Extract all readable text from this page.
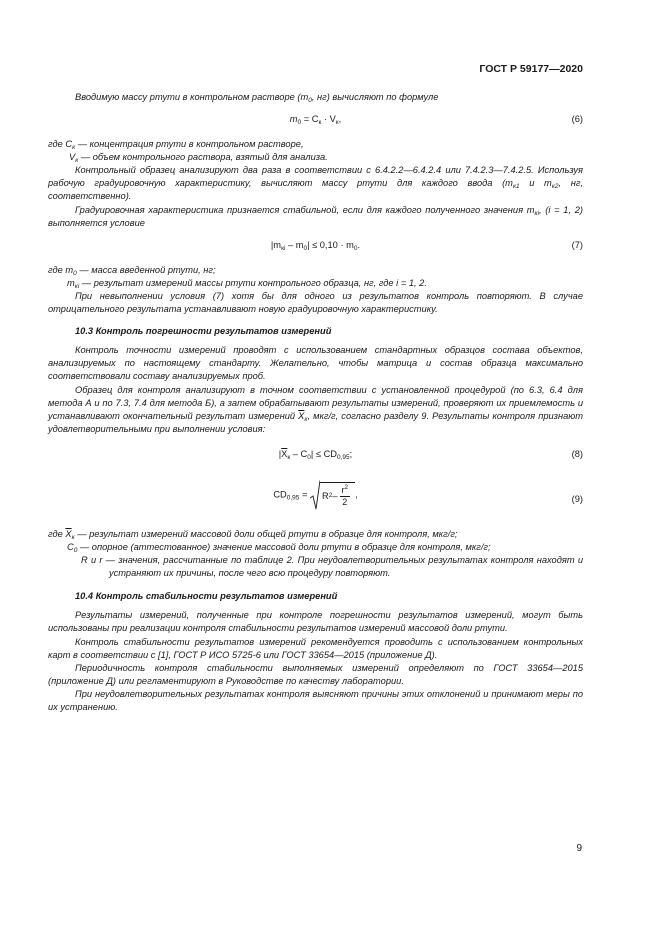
ГОСТ Р 59177—2020

Вводимую массу ртути в контрольном растворе ($m_0$, нг) вычисляют по формуле

$m_0 = C_к \cdot V_к$,	(6)

где $C_к$ — концентрация ртути в контрольном растворе,

$V_к$ — объем контрольного раствора, взятый для анализа.

Контрольный образец анализируют два раза в соответствии с 6.4.2.2—6.4.2.4 или 7.4.2.3—7.4.2.5. Используя рабочую градуировочную характеристику, вычисляют массу ртути для каждого ввода ($m_{к1}$ и $m_{к2}$, нг, соответственно).

Градуировочная характеристика признается стабильной, если для каждого полученного значения $m_{кi}$, (i = 1, 2) выполняется условие

$|m_{кi} - m_0| \le 0,10 \cdot m_0$.	(7)

где $m_0$ — масса введенной ртути, нг;

$m_{кi}$ — результат измерений массы ртути контрольного образца, нг, где i = 1, 2.

При невыполнении условия (7) хотя бы для одного из результатов контроль повторяют. В случае отрицательного результата устанавливают новую градуировочную характеристику.

10.3 Контроль погрешности результатов измерений

Контроль точности измерений проводят с использованием стандартных образцов состава объектов, анализируемых по настоящему стандарту. Желательно, чтобы матрица и состав образца максимально соответствовали составу анализируемых проб.

Образец для контроля анализируют в точном соответствии с установленной процедурой (по 6.3, 6.4 для метода А и по 7.3, 7.4 для метода Б), а затем обрабатывают результаты измерений, проверяют их приемлемость и устанавливают окончательный результат измерений $\overline{X}_к$, мкг/г, согласно разделу 9. Результаты контроля признают удовлетворительными при выполнении условия:

$|\overline{X}_к - C_0| \le CD_{0,95}$;	(8)
$CD_{0,95} = R$ $2 - \frac{r^2}{2}$ ,	(9)

где $\overline{X}_к$ — результат измерений массовой доли общей ртути в образце для контроля, мкг/г;

$C_0$ — опорное (аттестованное) значение массовой доли ртути в образце для контроля, мкг/г;

R и r — значения, рассчитанные по таблице 2. При неудовлетворительных результатах контроля находят и устраняют их причины, после чего всю процедуру повторяют.

10.4 Контроль стабильности результатов измерений

Результаты измерений, полученные при контроле погрешности результатов измерений, могут быть использованы при реализации контроля стабильности результатов измерений массовой доли ртути.

Контроль стабильности результатов измерений рекомендуется проводить с использованием контрольных карт в соответствии с [1], ГОСТ Р ИСО 5725-6 или ГОСТ 33654—2015 (приложение Д).

Периодичность контроля стабильности выполняемых измерений определяют по ГОСТ 33654—2015 (приложение Д) или регламентируют в Руководстве по качеству лаборатории.

При неудовлетворительных результатах контроля выясняют причины этих отклонений и принимают меры по их устранению.

9
